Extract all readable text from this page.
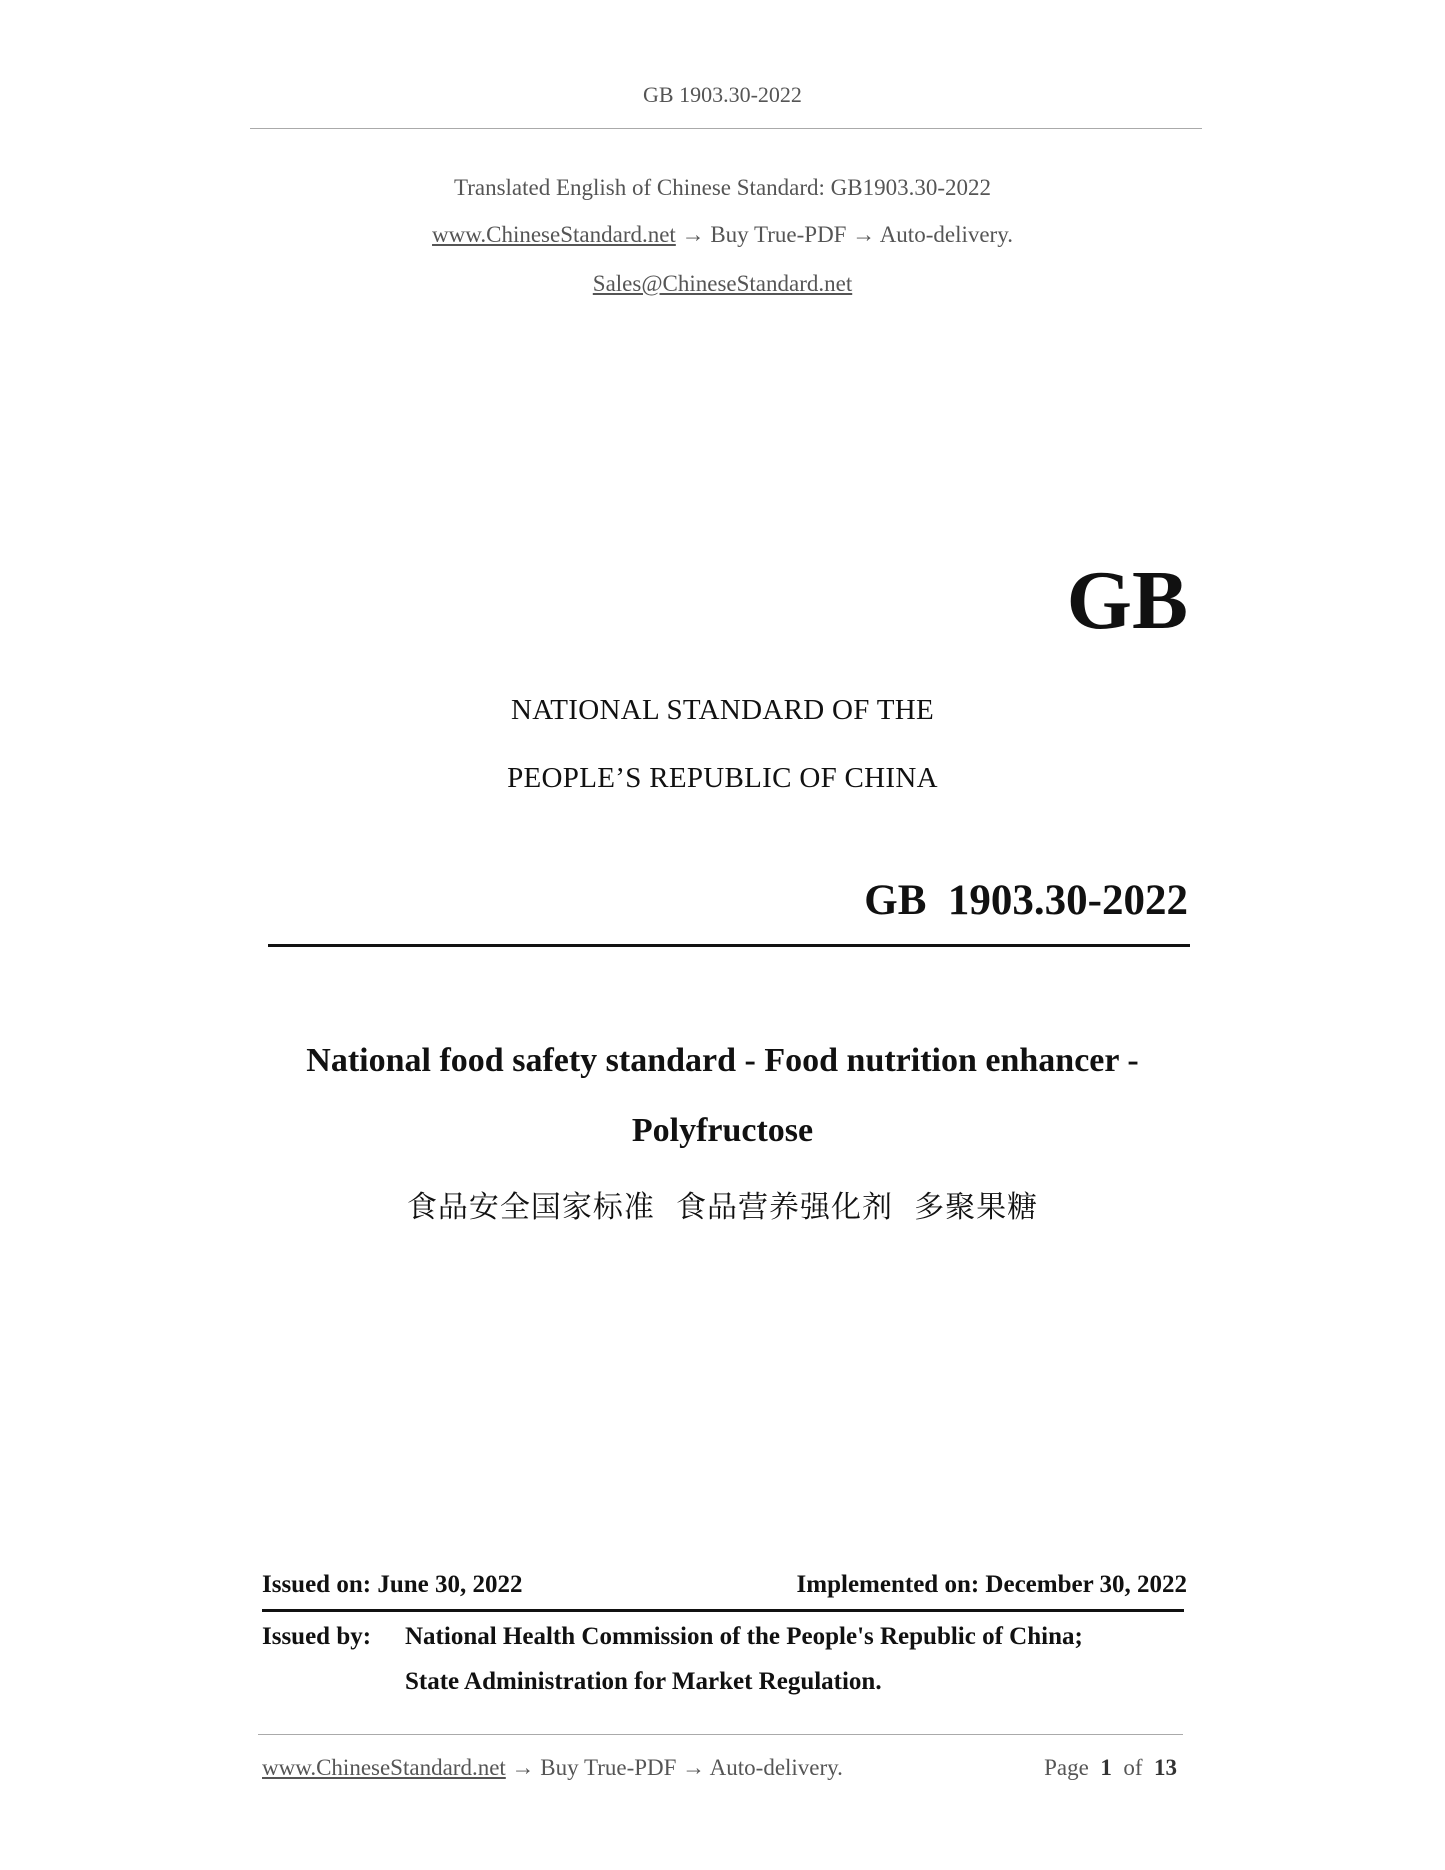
GB 1903.30-2022
Translated English of Chinese Standard: GB1903.30-2022
www.ChineseStandard.net → Buy True-PDF → Auto-delivery.
Sales@ChineseStandard.net
GB
NATIONAL STANDARD OF THE
PEOPLE’S REPUBLIC OF CHINA
GB  1903.30-2022
National food safety standard - Food nutrition enhancer -
Polyfructose
食品安全国家标准  食品营养强化剂  多聚果糖
Issued on: June 30, 2022	Implemented on: December 30, 2022
Issued by: National Health Commission of the People's Republic of China;
State Administration for Market Regulation.
www.ChineseStandard.net → Buy True-PDF → Auto-delivery.	Page 1 of 13
